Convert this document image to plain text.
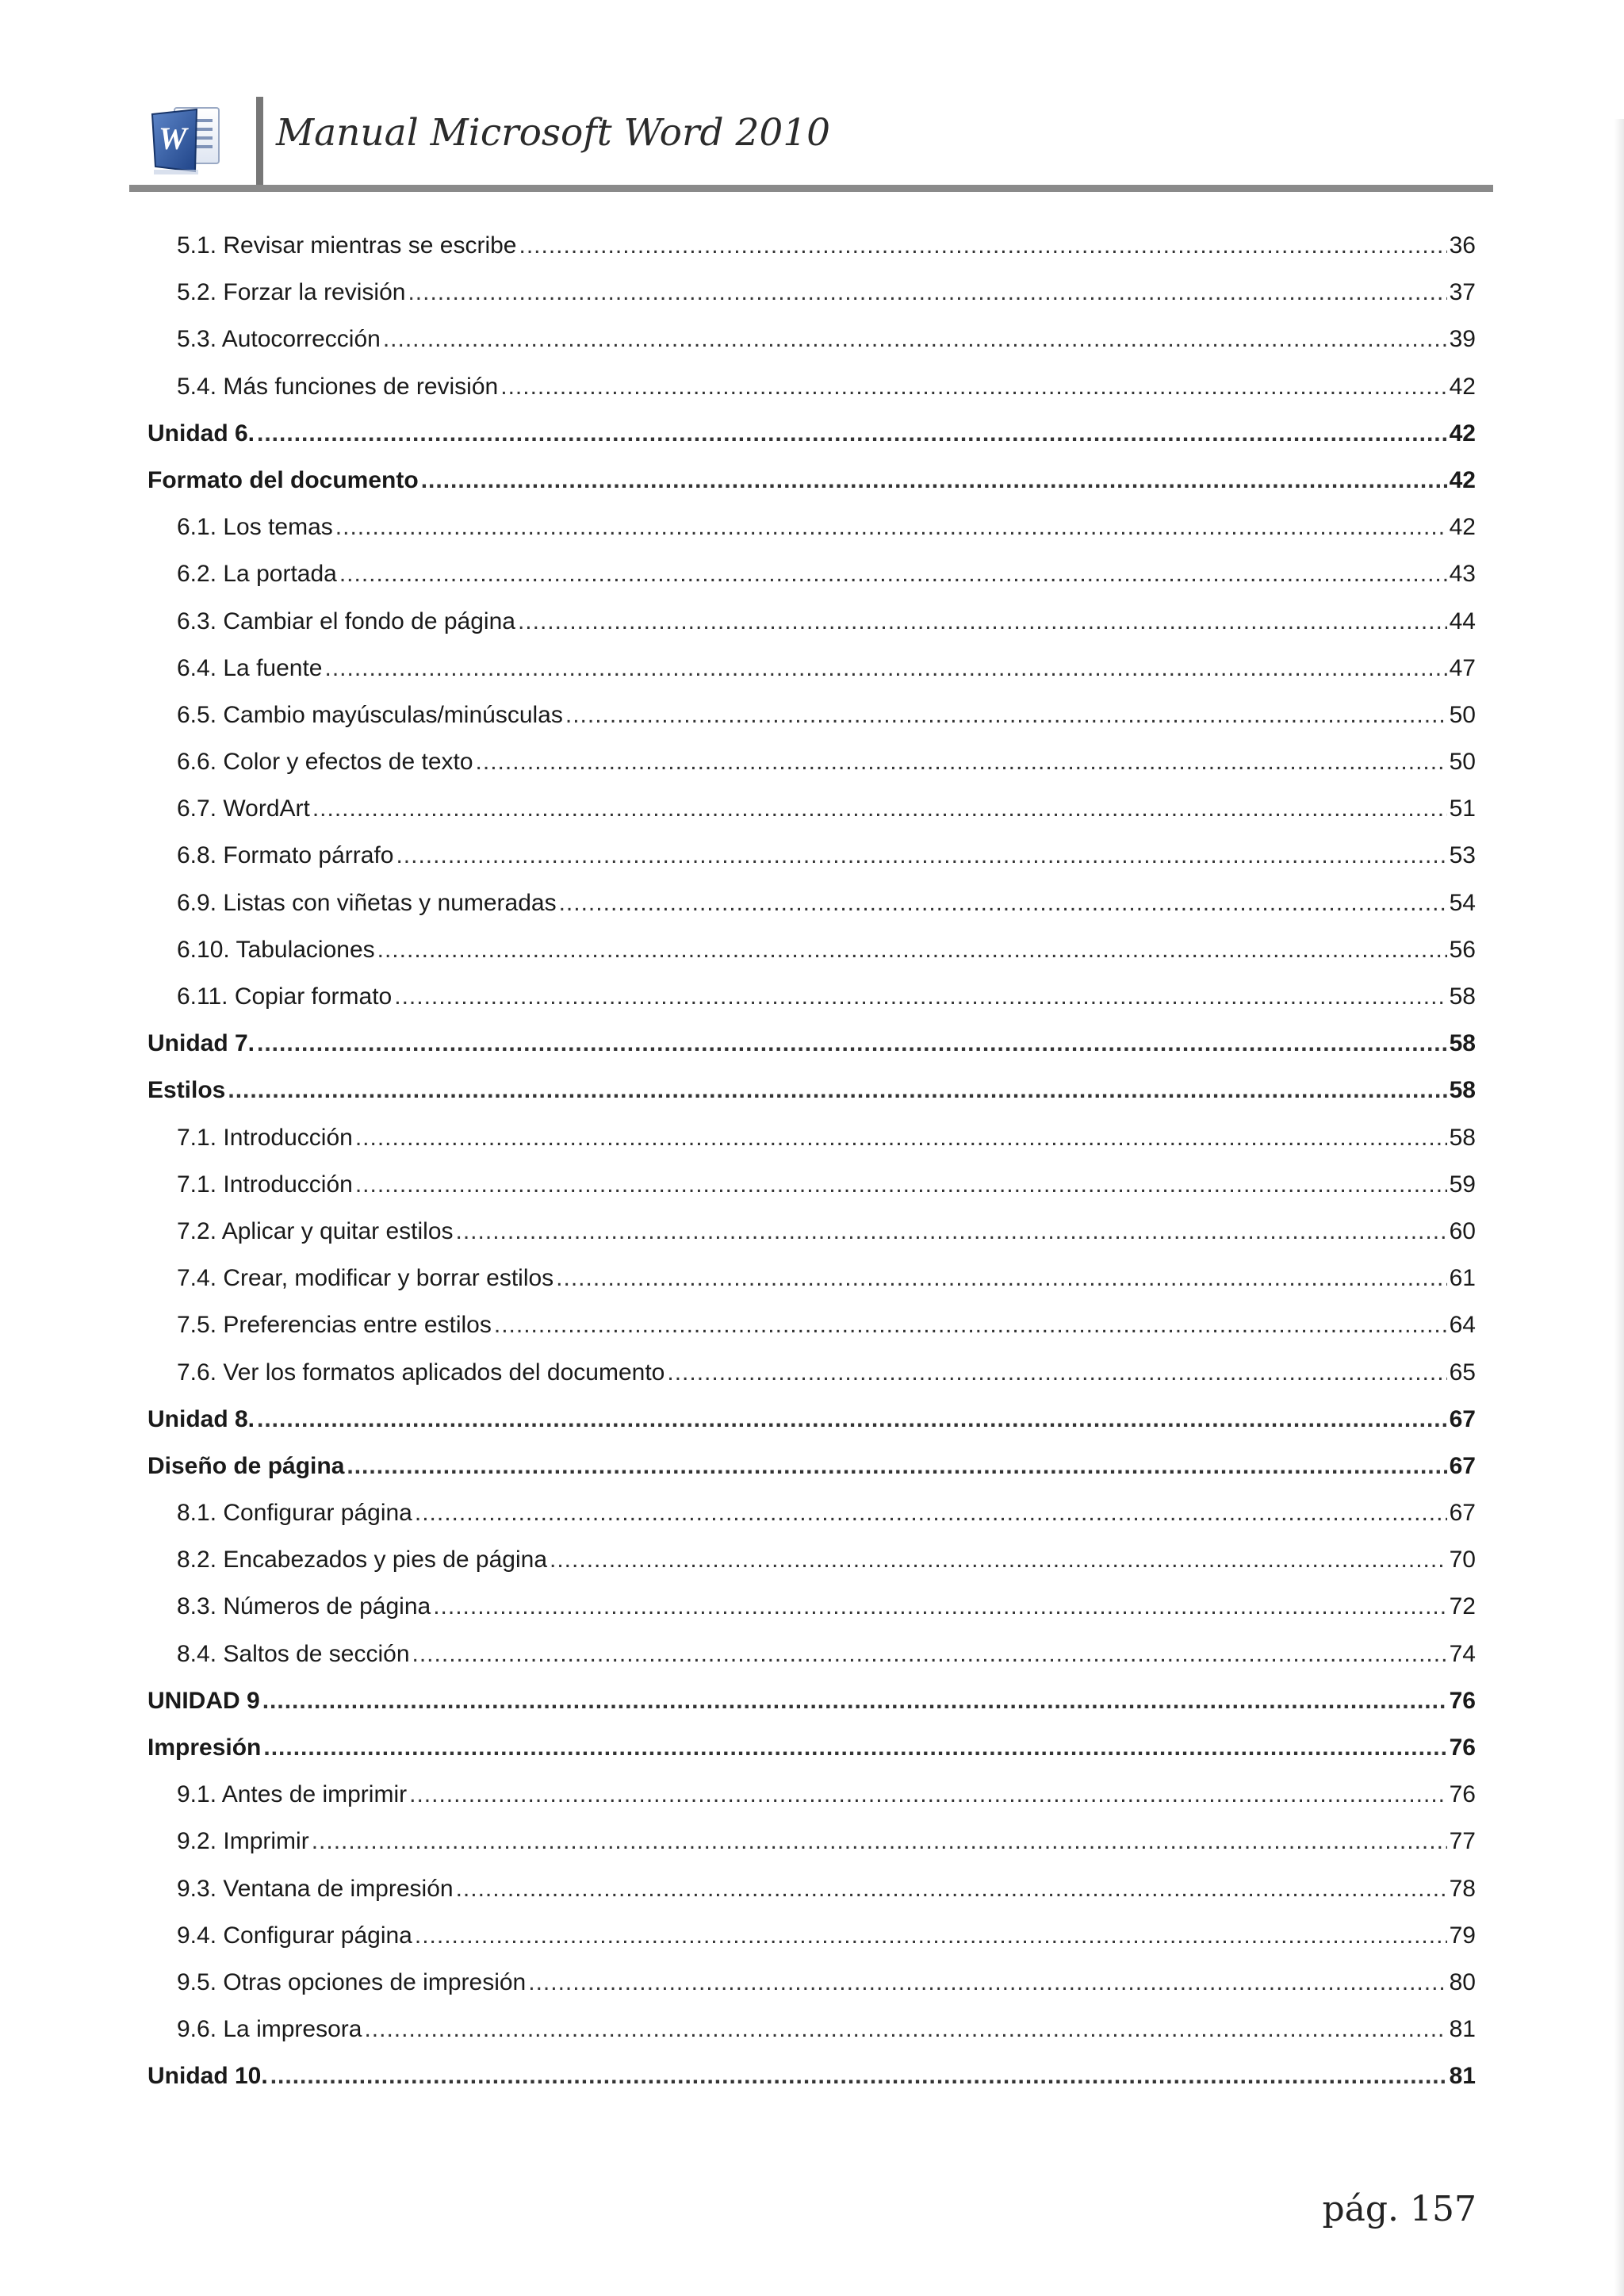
W Manual Microsoft Word 2010
5.1. Revisar mientras se escribe .....	36
5.2. Forzar la revisión .....	37
5.3. Autocorrección .....	39
5.4. Más funciones de revisión .....	42
Unidad 6. .....	42
Formato del documento .....	42
6.1. Los temas .....	42
6.2. La portada .....	43
6.3. Cambiar el fondo de página .....	44
6.4. La fuente .....	47
6.5. Cambio mayúsculas/minúsculas .....	50
6.6. Color y efectos de texto .....	50
6.7. WordArt .....	51
6.8. Formato párrafo .....	53
6.9. Listas con viñetas y numeradas .....	54
6.10. Tabulaciones .....	56
6.11. Copiar formato .....	58
Unidad 7. .....	58
Estilos .....	58
7.1. Introducción .....	58
7.1. Introducción .....	59
7.2. Aplicar y quitar estilos .....	60
7.4. Crear, modificar y borrar estilos .....	61
7.5. Preferencias entre estilos .....	64
7.6. Ver los formatos aplicados del documento .....	65
Unidad 8. .....	67
Diseño de página .....	67
8.1. Configurar página .....	67
8.2. Encabezados y pies de página .....	70
8.3. Números de página .....	72
8.4. Saltos de sección .....	74
UNIDAD 9 .....	76
Impresión .....	76
9.1. Antes de imprimir .....	76
9.2. Imprimir .....	77
9.3. Ventana de impresión .....	78
9.4. Configurar página .....	79
9.5. Otras opciones de impresión .....	80
9.6. La impresora .....	81
Unidad 10. .....	81
pág. 157
